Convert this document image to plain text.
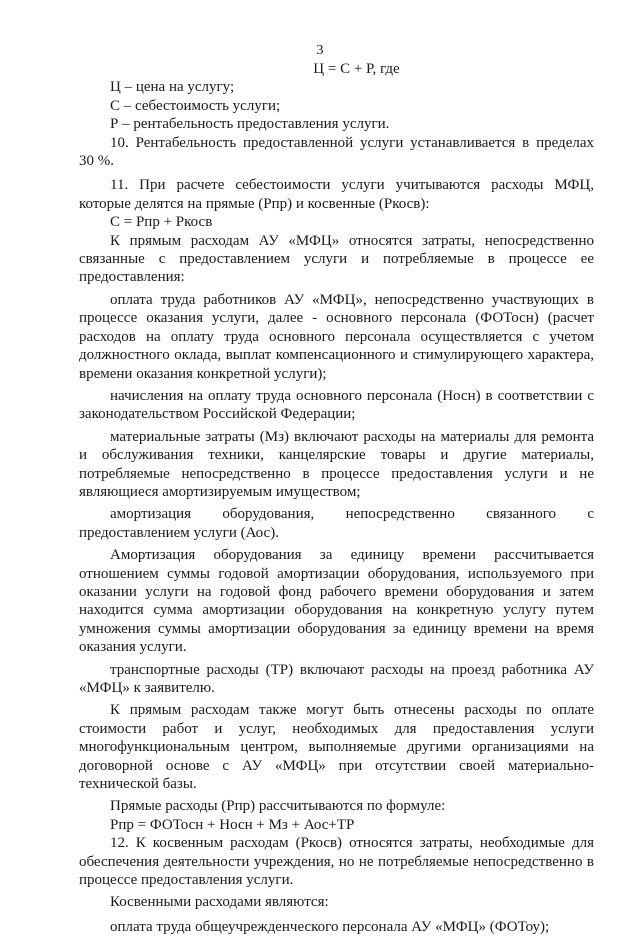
3

Ц = С + Р, где

Ц – цена на услугу;

С – себестоимость услуги;

Р – рентабельность предоставления услуги.

10. Рентабельность предоставленной услуги устанавливается в пределах 30 %.

11. При расчете себестоимости услуги учитываются расходы МФЦ, которые делятся на прямые (Рпр) и косвенные (Ркосв):

С = Рпр + Ркосв

К прямым расходам АУ «МФЦ» относятся затраты, непосредственно связанные с предоставлением услуги и потребляемые в процессе ее предоставления:

оплата труда работников АУ «МФЦ», непосредственно участвующих в процессе оказания услуги, далее - основного персонала (ФОТосн) (расчет расходов на оплату труда основного персонала осуществляется с учетом должностного оклада, выплат компенсационного и стимулирующего характера, времени оказания конкретной услуги);

начисления на оплату труда основного персонала (Носн) в соответствии с законодательством Российской Федерации;

материальные затраты (Мз) включают расходы на материалы для ремонта и обслуживания техники, канцелярские товары и другие материалы, потребляемые непосредственно в процессе предоставления услуги и не являющиеся амортизируемым имуществом;

амортизация оборудования, непосредственно связанного с предоставлением услуги (Аос).

Амортизация оборудования за единицу времени рассчитывается отношением суммы годовой амортизации оборудования, используемого при оказании услуги на годовой фонд рабочего времени оборудования и затем находится сумма амортизации оборудования на конкретную услугу путем умножения суммы амортизации оборудования за единицу времени на время оказания услуги.

транспортные расходы (ТР) включают расходы на проезд работника АУ «МФЦ» к заявителю.

К прямым расходам также могут быть отнесены расходы по оплате стоимости работ и услуг, необходимых для предоставления услуги многофункциональным центром, выполняемые другими организациями на договорной основе с АУ «МФЦ» при отсутствии своей материально-технической базы.

Прямые расходы (Рпр) рассчитываются по формуле:

Рпр = ФОТосн + Носн + Мз + Аос+ТР

12. К косвенным расходам (Ркосв) относятся затраты, необходимые для обеспечения деятельности учреждения, но не потребляемые непосредственно в процессе предоставления услуги.

Косвенными расходами являются:

оплата труда общеучрежденческого персонала АУ «МФЦ» (ФОТоу);
